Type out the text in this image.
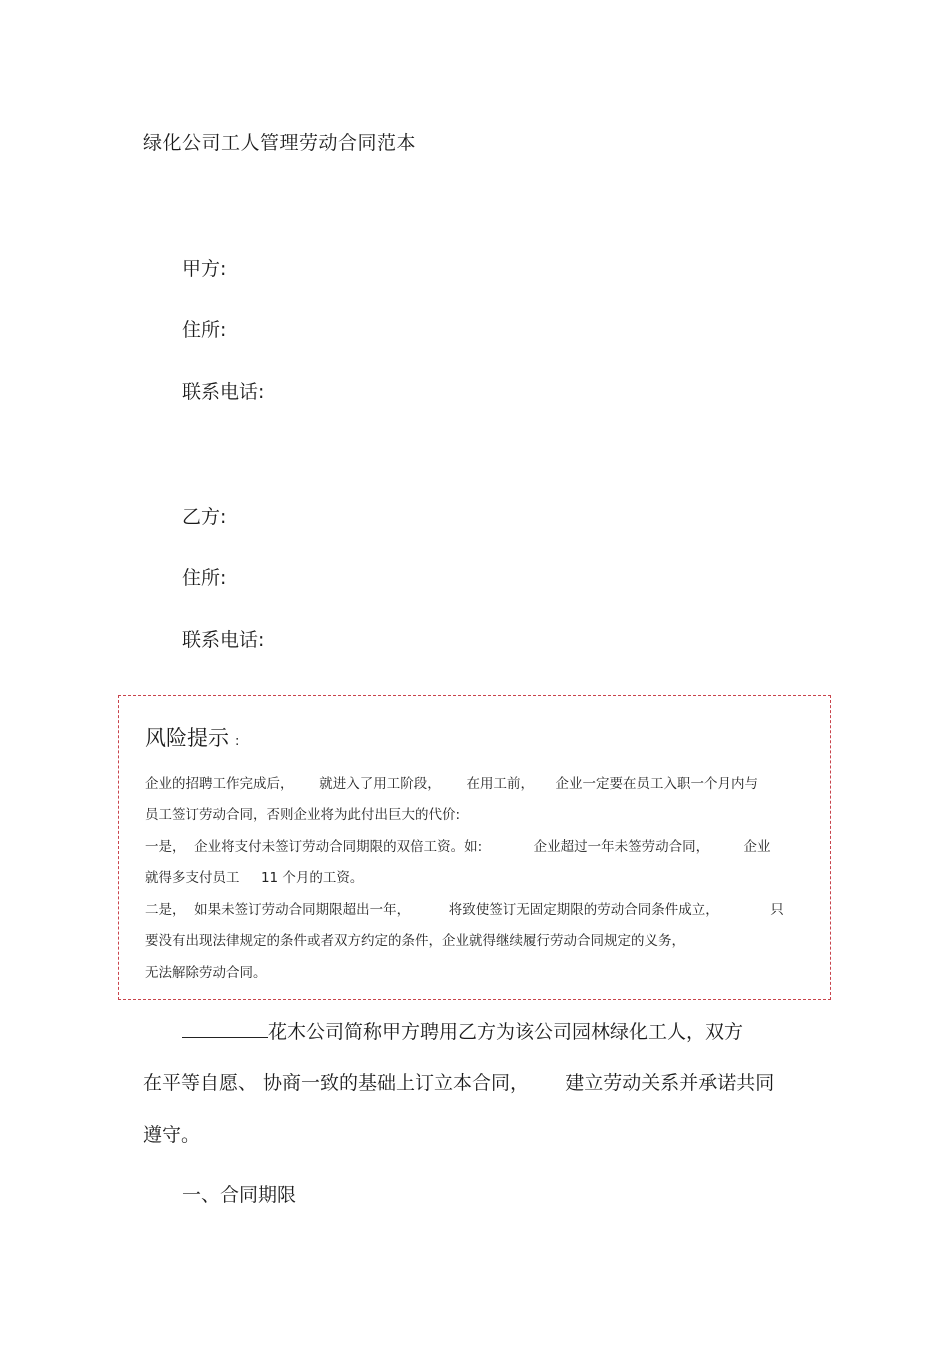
绿化公司工人管理劳动合同范本
甲方:
住所:
联系电话:
乙方:
住所:
联系电话:
风险提示 :
企业的招聘工作完成后，      就进入了用工阶段，      在用工前，     企业一定要在员工入职一个月内与
员工签订劳动合同，否则企业将为此付出巨大的代价:
一是，  企业将支付未签订劳动合同期限的双倍工资。如:            企业超过一年未签劳动合同，        企业
就得多支付员工     11 个月的工资。
二是，  如果未签订劳动合同期限超出一年，         将致使签订无固定期限的劳动合同条件成立，            只
要没有出现法律规定的条件或者双方约定的条件，企业就得继续履行劳动合同规定的义务，
无法解除劳动合同。
花木公司简称甲方聘用乙方为该公司园林绿化工人，双方
在平等自愿、 协商一致的基础上订立本合同，      建立劳动关系并承诺共同
遵守。
一、合同期限
